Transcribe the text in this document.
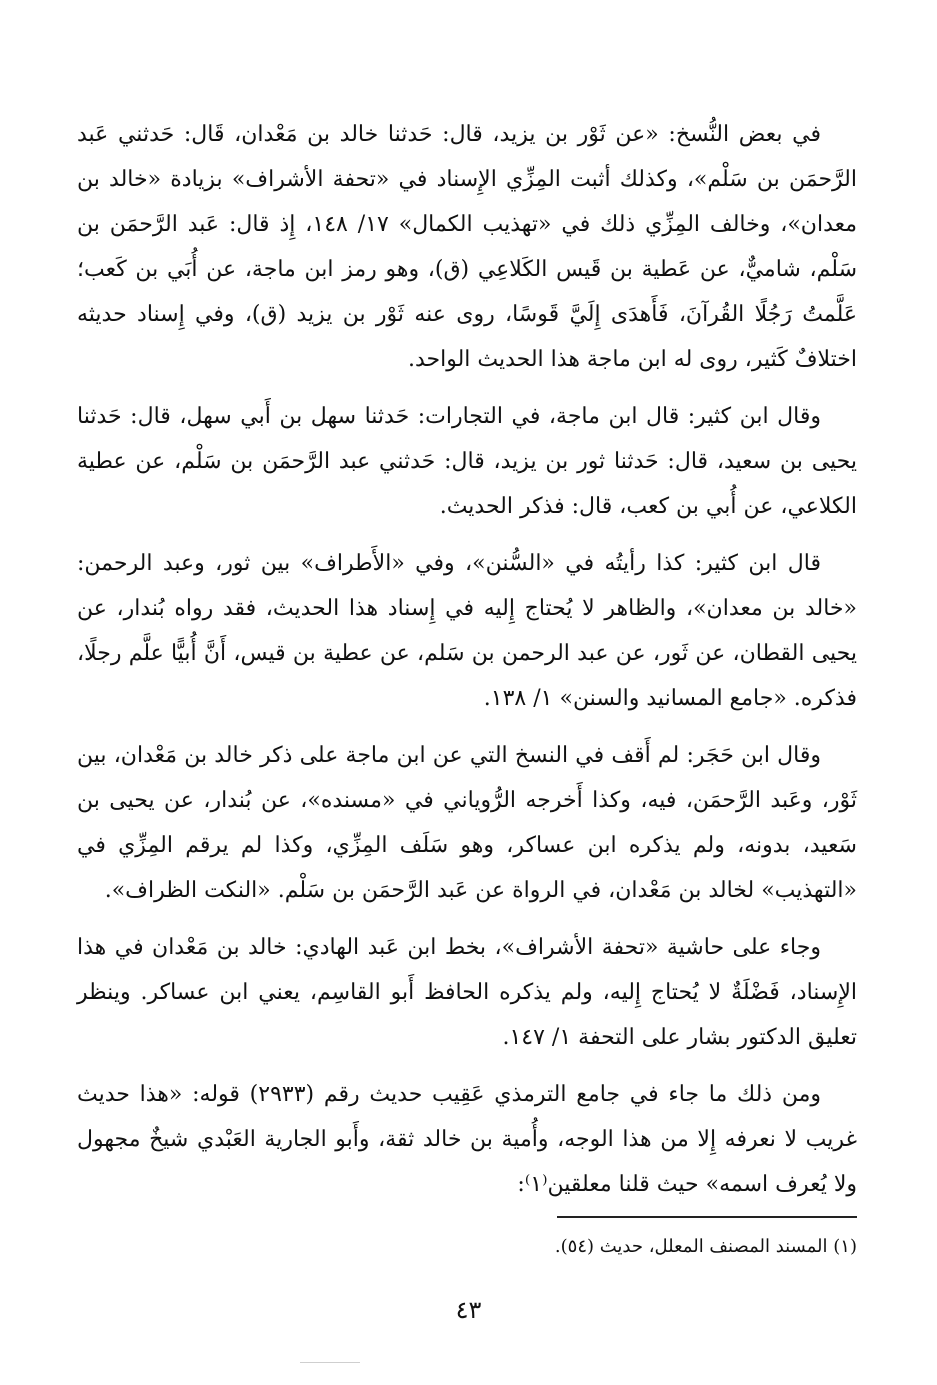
في بعض النُّسخ: «عن ثَوْر بن يزيد، قال: حَدثنا خالد بن مَعْدان، قَال: حَدثني عَبد الرَّحمَن بن سَلْم»، وكذلك أثبت المِزِّي الإِسناد في «تحفة الأشراف» بزيادة «خالد بن معدان»، وخالف المِزِّي ذلك في «تهذيب الكمال» ١٧/ ١٤٨، إِذ قال: عَبد الرَّحمَن بن سَلْم، شاميٌّ، عن عَطية بن قَيس الكَلاعِي (ق)، وهو رمز ابن ماجة، عن أُبَي بن كَعب؛ عَلَّمتُ رَجُلًا القُرآنَ، فَأَهدَى إِلَيَّ قَوسًا، روى عنه ثَوْر بن يزيد (ق)، وفي إِسناد حديثه اختلافٌ كَثير، روى له ابن ماجة هذا الحديث الواحد.

وقال ابن كثير: قال ابن ماجة، في التجارات: حَدثنا سهل بن أَبي سهل، قال: حَدثنا يحيى بن سعيد، قال: حَدثنا ثور بن يزيد، قال: حَدثني عبد الرَّحمَن بن سَلْم، عن عطية الكلاعي، عن أُبي بن كعب، قال: فذكر الحديث.

قال ابن كثير: كذا رأيتُه في «السُّنن»، وفي «الأَطراف» بين ثور، وعبد الرحمن: «خالد بن معدان»، والظاهر لا يُحتاج إِليه في إِسناد هذا الحديث، فقد رواه بُندار، عن يحيى القطان، عن ثَور، عن عبد الرحمن بن سَلم، عن عطية بن قيس، أَنَّ أُبيًّا علَّم رجلًا، فذكره. «جامع المسانيد والسنن» ١/ ١٣٨.

وقال ابن حَجَر: لم أَقف في النسخ التي عن ابن ماجة على ذكر خالد بن مَعْدان، بين ثَوْر، وعَبد الرَّحمَن، فيه، وكذا أَخرجه الرُّوياني في «مسنده»، عن بُندار، عن يحيى بن سَعيد، بدونه، ولم يذكره ابن عساكر، وهو سَلَف المِزِّي، وكذا لم يرقم المِزِّي في «التهذيب» لخالد بن مَعْدان، في الرواة عن عَبد الرَّحمَن بن سَلْم. «النكت الظراف».

وجاء على حاشية «تحفة الأشراف»، بخط ابن عَبد الهادي: خالد بن مَعْدان في هذا الإِسناد، فَضْلَةٌ لا يُحتاج إِليه، ولم يذكره الحافظ أَبو القاسِم، يعني ابن عساكر. وينظر تعليق الدكتور بشار على التحفة ١/ ١٤٧.

ومن ذلك ما جاء في جامع الترمذي عَقِيب حديث رقم (٢٩٣٣) قوله: «هذا حديث غريب لا نعرفه إِلا من هذا الوجه، وأُمية بن خالد ثقة، وأَبو الجارية العَبْدي شيخٌ مجهول ولا يُعرف اسمه» حيث قلنا معلقين⁽١⁾:

(١) المسند المصنف المعلل، حديث (٥٤).
٤٣
